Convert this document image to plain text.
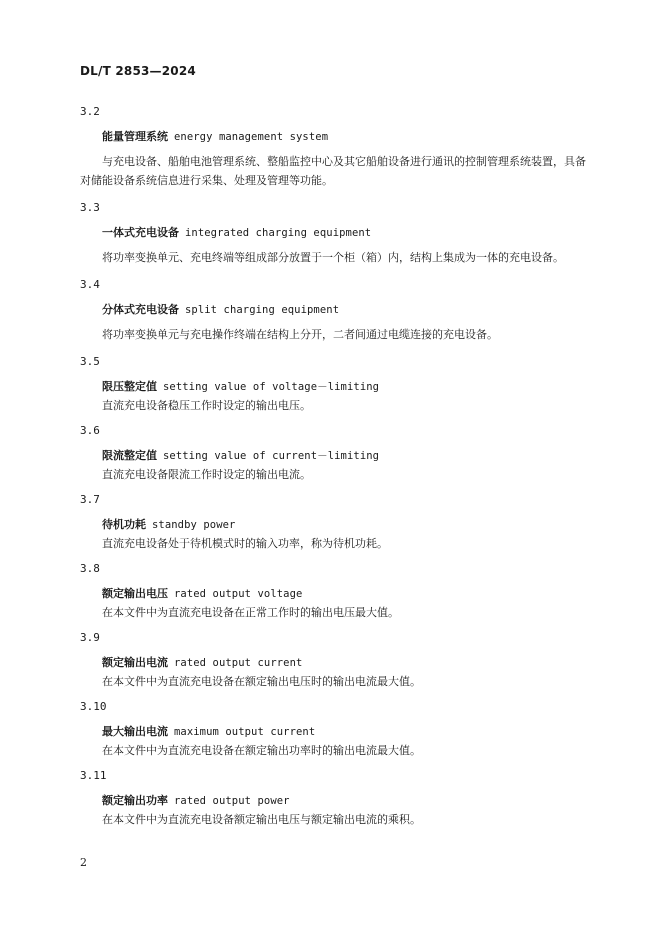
DL/T 2853—2024
3.2
能量管理系统 energy management system

与充电设备、船舶电池管理系统、整船监控中心及其它船舶设备进行通讯的控制管理系统装置，具备对储能设备系统信息进行采集、处理及管理等功能。

3.3
一体式充电设备 integrated charging equipment

将功率变换单元、充电终端等组成部分放置于一个柜（箱）内，结构上集成为一体的充电设备。

3.4
分体式充电设备 split charging equipment

将功率变换单元与充电操作终端在结构上分开，二者间通过电缆连接的充电设备。

3.5
限压整定值 setting value of voltage－limiting

直流充电设备稳压工作时设定的输出电压。

3.6
限流整定值 setting value of current－limiting

直流充电设备限流工作时设定的输出电流。

3.7
待机功耗 standby power

直流充电设备处于待机模式时的输入功率，称为待机功耗。

3.8
额定输出电压 rated output voltage

在本文件中为直流充电设备在正常工作时的输出电压最大值。

3.9
额定输出电流 rated output current

在本文件中为直流充电设备在额定输出电压时的输出电流最大值。

3.10
最大输出电流 maximum output current

在本文件中为直流充电设备在额定输出功率时的输出电流最大值。

3.11
额定输出功率 rated output power

在本文件中为直流充电设备额定输出电压与额定输出电流的乘积。

2
